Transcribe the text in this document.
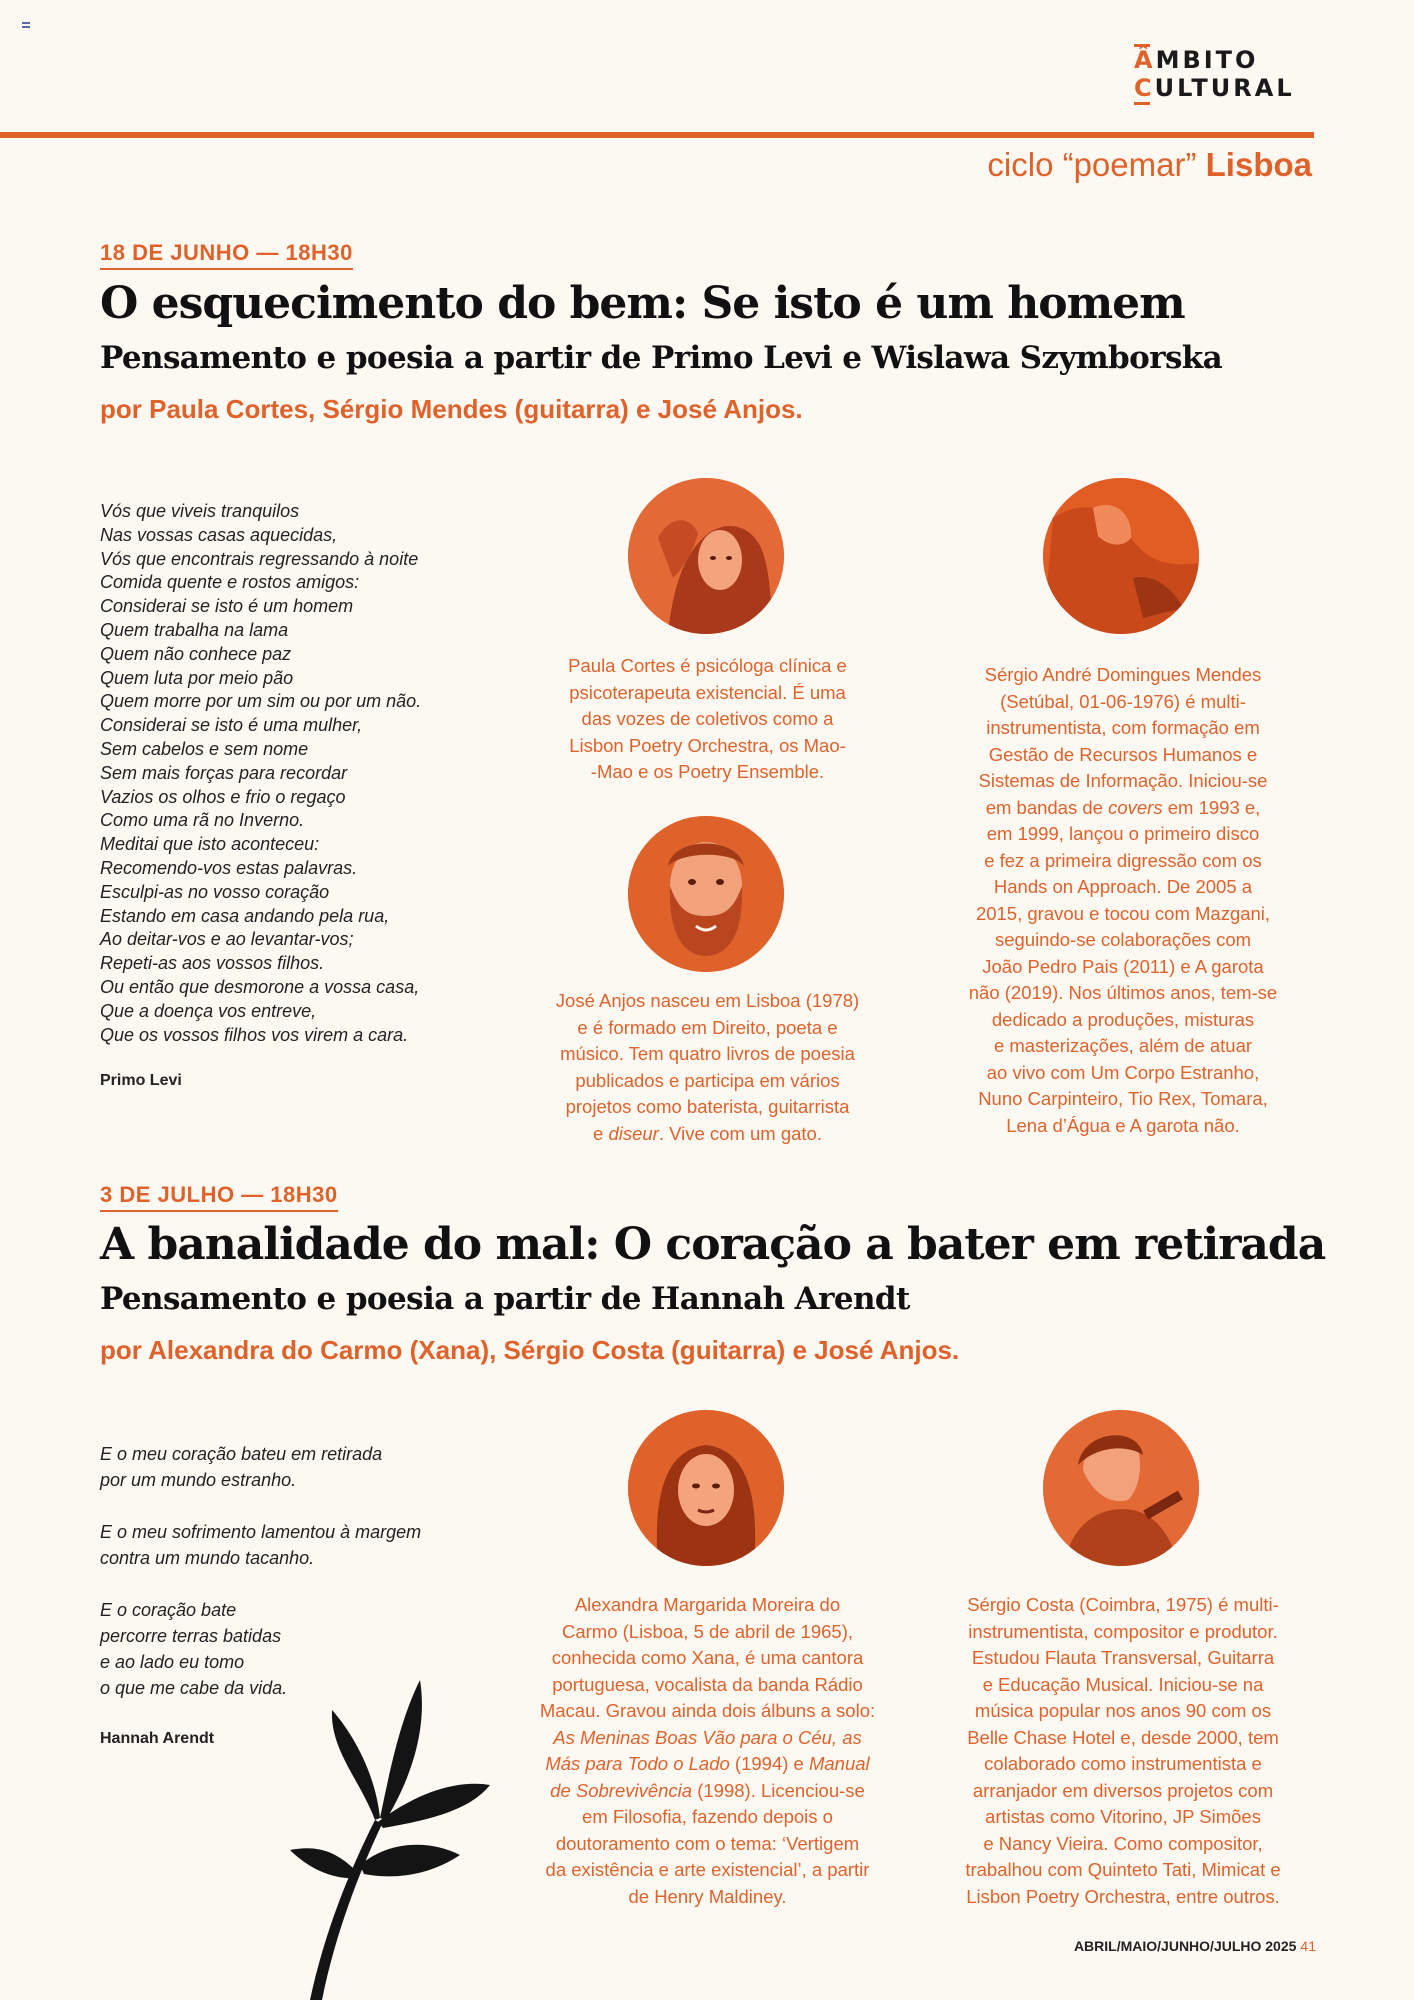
ÂMBITO
CULTURAL
ciclo “poemar” Lisboa
18 DE JUNHO — 18H30
O esquecimento do bem: Se isto é um homem
Pensamento e poesia a partir de Primo Levi e Wislawa Szymborska
por Paula Cortes, Sérgio Mendes (guitarra) e José Anjos.
Vós que viveis tranquilos
Nas vossas casas aquecidas,
Vós que encontrais regressando à noite
Comida quente e rostos amigos:
Considerai se isto é um homem
Quem trabalha na lama
Quem não conhece paz
Quem luta por meio pão
Quem morre por um sim ou por um não.
Considerai se isto é uma mulher,
Sem cabelos e sem nome
Sem mais forças para recordar
Vazios os olhos e frio o regaço
Como uma rã no Inverno.
Meditai que isto aconteceu:
Recomendo-vos estas palavras.
Esculpi-as no vosso coração
Estando em casa andando pela rua,
Ao deitar-vos e ao levantar-vos;
Repeti-as aos vossos filhos.
Ou então que desmorone a vossa casa,
Que a doença vos entreve,
Que os vossos filhos vos virem a cara.
Primo Levi
Paula Cortes é psicóloga clínica e
psicoterapeuta existencial. É uma
das vozes de coletivos como a
Lisbon Poetry Orchestra, os Mao-
-Mao e os Poetry Ensemble.
José Anjos nasceu em Lisboa (1978)
e é formado em Direito, poeta e
músico. Tem quatro livros de poesia
publicados e participa em vários
projetos como baterista, guitarrista
e diseur. Vive com um gato.
Sérgio André Domingues Mendes
(Setúbal, 01-06-1976) é multi-
instrumentista, com formação em
Gestão de Recursos Humanos e
Sistemas de Informação. Iniciou-se
em bandas de covers em 1993 e,
em 1999, lançou o primeiro disco
e fez a primeira digressão com os
Hands on Approach. De 2005 a
2015, gravou e tocou com Mazgani,
seguindo-se colaborações com
João Pedro Pais (2011) e A garota
não (2019). Nos últimos anos, tem-se
dedicado a produções, misturas
e masterizações, além de atuar
ao vivo com Um Corpo Estranho,
Nuno Carpinteiro, Tio Rex, Tomara,
Lena d’Água e A garota não.
3 DE JULHO — 18H30
A banalidade do mal: O coração a bater em retirada
Pensamento e poesia a partir de Hannah Arendt
por Alexandra do Carmo (Xana), Sérgio Costa (guitarra) e José Anjos.
E o meu coração bateu em retirada
por um mundo estranho.
E o meu sofrimento lamentou à margem
contra um mundo tacanho.
E o coração bate
percorre terras batidas
e ao lado eu tomo
o que me cabe da vida.
Hannah Arendt
Alexandra Margarida Moreira do
Carmo (Lisboa, 5 de abril de 1965),
conhecida como Xana, é uma cantora
portuguesa, vocalista da banda Rádio
Macau. Gravou ainda dois álbuns a solo:
As Meninas Boas Vão para o Céu, as
Más para Todo o Lado (1994) e Manual
de Sobrevivência (1998). Licenciou-se
em Filosofia, fazendo depois o
doutoramento com o tema: ‘Vertigem
da existência e arte existencial’, a partir
de Henry Maldiney.
Sérgio Costa (Coimbra, 1975) é multi-
instrumentista, compositor e produtor.
Estudou Flauta Transversal, Guitarra
e Educação Musical. Iniciou-se na
música popular nos anos 90 com os
Belle Chase Hotel e, desde 2000, tem
colaborado como instrumentista e
arranjador em diversos projetos com
artistas como Vitorino, JP Simões
e Nancy Vieira. Como compositor,
trabalhou com Quinteto Tati, Mimicat e
Lisbon Poetry Orchestra, entre outros.
ABRIL/MAIO/JUNHO/JULHO 2025 41
